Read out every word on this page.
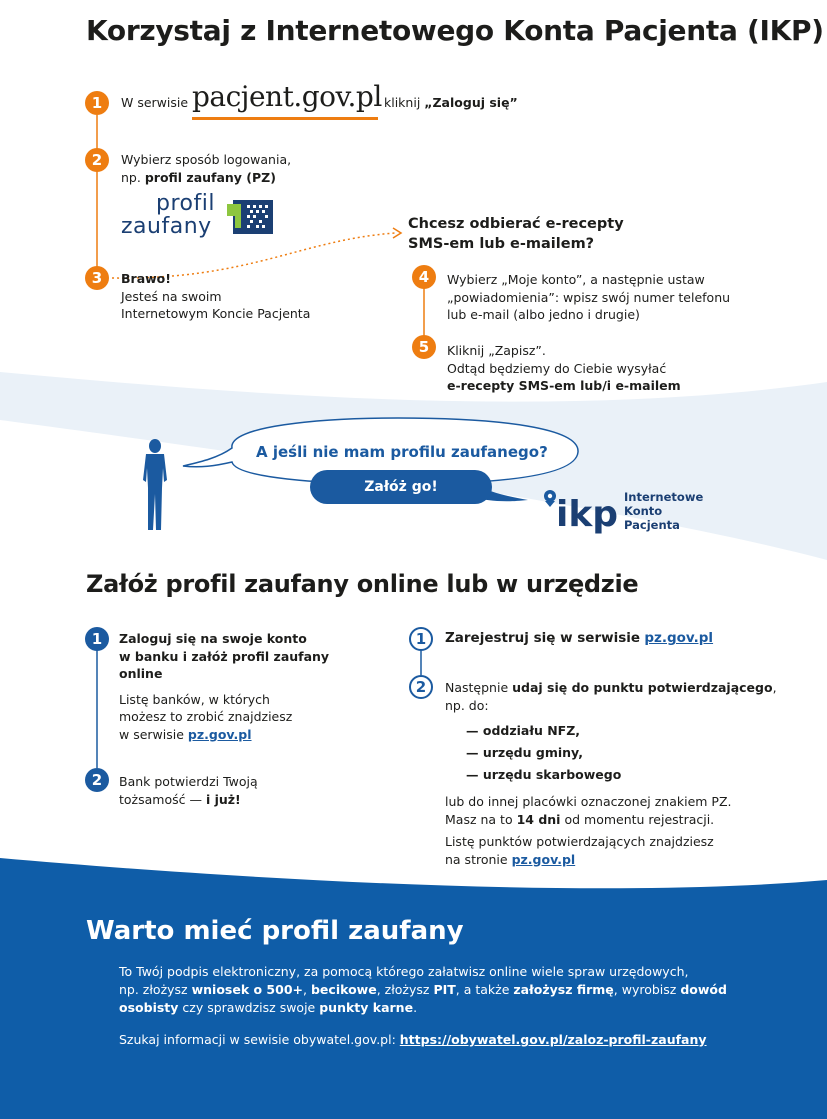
Korzystaj z Internetowego Konta Pacjenta (IKP)
1	W serwisie pacjent.gov.pl kliknij „Zaloguj się”
2	Wybierz sposób logowania,
np. profil zaufany (PZ)
profil
zaufany
3	Brawo!
Jesteś na swoim
Internetowym Koncie Pacjenta
Chcesz odbierać e-recepty
SMS-em lub e-mailem?
4	Wybierz „Moje konto”, a następnie ustaw
„powiadomienia”: wpisz swój numer telefonu
lub e-mail (albo jedno i drugie)
5	Kliknij „Zapisz”.
Odtąd będziemy do Ciebie wysyłać
e-recepty SMS-em lub/i e-mailem
A jeśli nie mam profilu zaufanego?
Załóż go!
ikp Internetowe
Konto
Pacjenta
Załóż profil zaufany online lub w urzędzie
1	Zaloguj się na swoje konto
w banku i załóż profil zaufany
online
Listę banków, w których
możesz to zrobić znajdziesz
w serwisie pz.gov.pl
2	Bank potwierdzi Twoją
tożsamość — i już!
1	Zarejestruj się w serwisie pz.gov.pl
2	Następnie udaj się do punktu potwierdzającego,
np. do:
— oddziału NFZ,
— urzędu gminy,
— urzędu skarbowego
lub do innej placówki oznaczonej znakiem PZ.
Masz na to 14 dni od momentu rejestracji.
Listę punktów potwierdzających znajdziesz
na stronie pz.gov.pl
Warto mieć profil zaufany
To Twój podpis elektroniczny, za pomocą którego załatwisz online wiele spraw urzędowych,
np. złożysz wniosek o 500+, becikowe, złożysz PIT, a także założysz firmę, wyrobisz dowód
osobisty czy sprawdzisz swoje punkty karne.
Szukaj informacji w sewisie obywatel.gov.pl: https://obywatel.gov.pl/zaloz-profil-zaufany
